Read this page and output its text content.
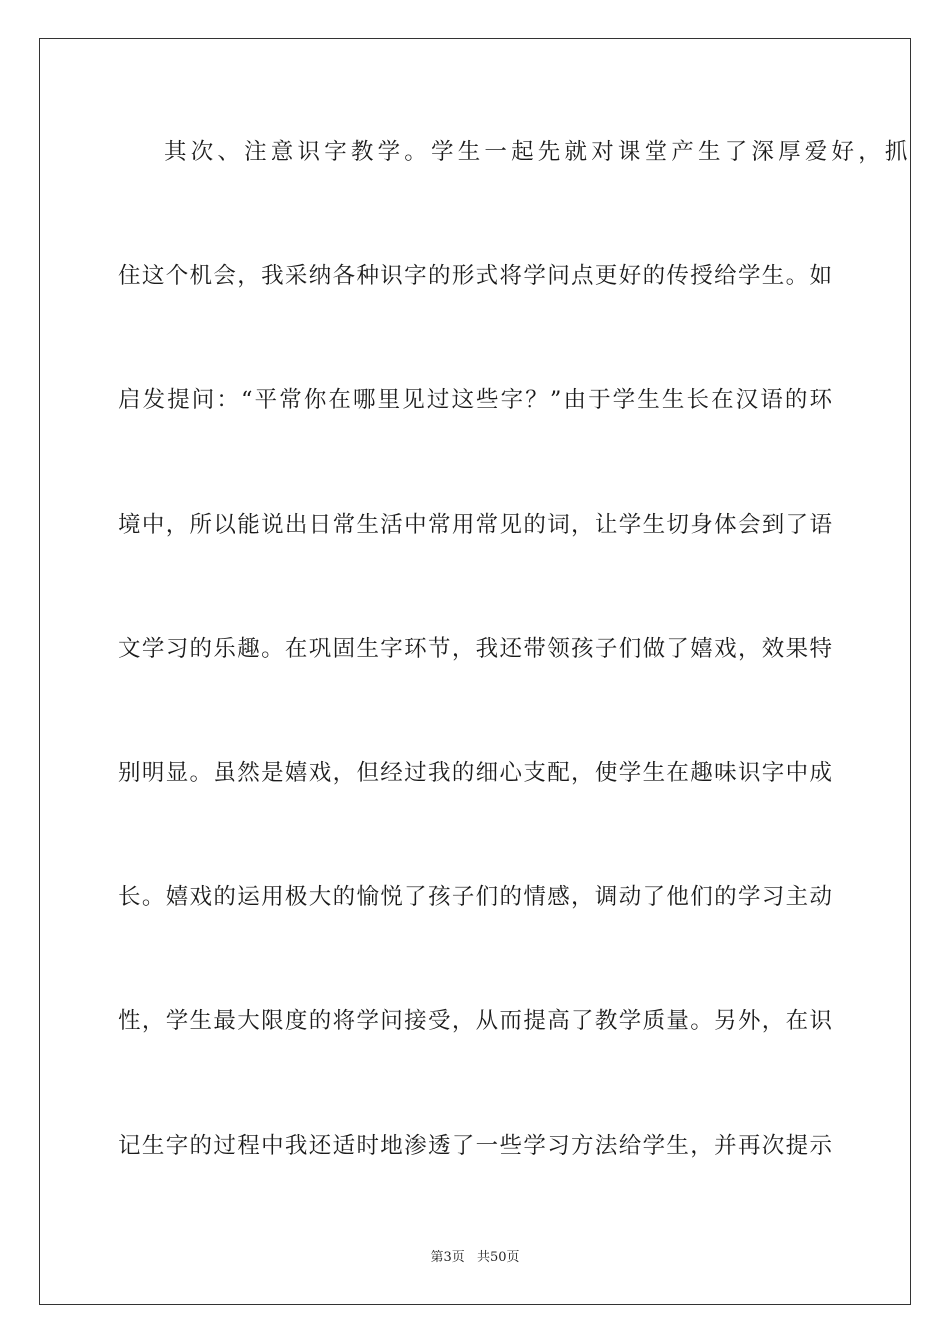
其次、注意识字教学。学生一起先就对课堂产生了深厚爱好，抓
住这个机会，我采纳各种识字的形式将学问点更好的传授给学生。如
启发提问：“平常你在哪里见过这些字？”由于学生生长在汉语的环
境中，所以能说出日常生活中常用常见的词，让学生切身体会到了语
文学习的乐趣。在巩固生字环节，我还带领孩子们做了嬉戏，效果特
别明显。虽然是嬉戏，但经过我的细心支配，使学生在趣味识字中成
长。嬉戏的运用极大的愉悦了孩子们的情感，调动了他们的学习主动
性，学生最大限度的将学问接受，从而提高了教学质量。另外，在识
记生字的过程中我还适时地渗透了一些学习方法给学生，并再次提示
第3页 共50页
